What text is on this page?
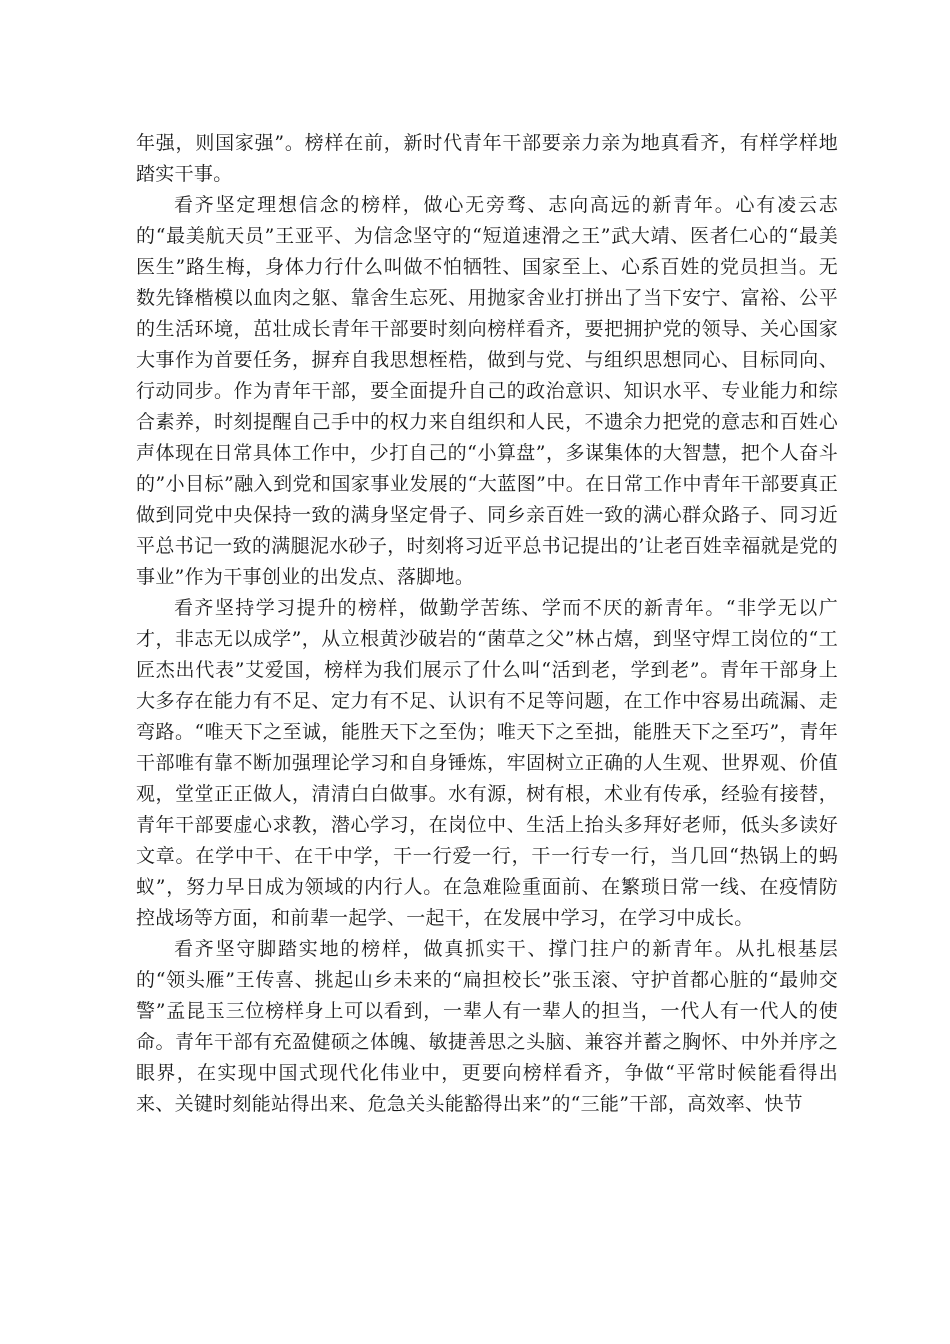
年强，则国家强”。榜样在前，新时代青年干部要亲力亲为地真看齐，有样学样地踏实干事。

看齐坚定理想信念的榜样，做心无旁骛、志向高远的新青年。心有凌云志的“最美航天员”王亚平、为信念坚守的“短道速滑之王”武大靖、医者仁心的“最美医生”路生梅，身体力行什么叫做不怕牺牲、国家至上、心系百姓的党员担当。无数先锋楷模以血肉之躯、靠舍生忘死、用抛家舍业打拼出了当下安宁、富裕、公平的生活环境，茁壮成长青年干部要时刻向榜样看齐，要把拥护党的领导、关心国家大事作为首要任务，摒弃自我思想桎梏，做到与党、与组织思想同心、目标同向、行动同步。作为青年干部，要全面提升自己的政治意识、知识水平、专业能力和综合素养，时刻提醒自己手中的权力来自组织和人民，不遗余力把党的意志和百姓心声体现在日常具体工作中，少打自己的“小算盘”，多谋集体的大智慧，把个人奋斗的”小目标”融入到党和国家事业发展的“大蓝图”中。在日常工作中青年干部要真正做到同党中央保持一致的满身坚定骨子、同乡亲百姓一致的满心群众路子、同习近平总书记一致的满腿泥水砂子，时刻将习近平总书记提出的’让老百姓幸福就是党的事业”作为干事创业的出发点、落脚地。

看齐坚持学习提升的榜样，做勤学苦练、学而不厌的新青年。“非学无以广才，非志无以成学”，从立根黄沙破岩的“菌草之父”林占熺，到坚守焊工岗位的“工匠杰出代表”艾爱国，榜样为我们展示了什么叫“活到老，学到老”。青年干部身上大多存在能力有不足、定力有不足、认识有不足等问题，在工作中容易出疏漏、走弯路。“唯天下之至诚，能胜天下之至伪；唯天下之至拙，能胜天下之至巧”，青年干部唯有靠不断加强理论学习和自身锤炼，牢固树立正确的人生观、世界观、价值观，堂堂正正做人，清清白白做事。水有源，树有根，术业有传承，经验有接替，青年干部要虚心求教，潜心学习，在岗位中、生活上抬头多拜好老师，低头多读好文章。在学中干、在干中学，干一行爱一行，干一行专一行，当几回“热锅上的蚂蚁”，努力早日成为领域的内行人。在急难险重面前、在繁琐日常一线、在疫情防控战场等方面，和前辈一起学、一起干，在发展中学习，在学习中成长。

看齐坚守脚踏实地的榜样，做真抓实干、撑门拄户的新青年。从扎根基层的“领头雁”王传喜、挑起山乡未来的“扁担校长”张玉滚、守护首都心脏的“最帅交警”孟昆玉三位榜样身上可以看到，一辈人有一辈人的担当，一代人有一代人的使命。青年干部有充盈健硕之体魄、敏捷善思之头脑、兼容并蓄之胸怀、中外并序之眼界，在实现中国式现代化伟业中，更要向榜样看齐，争做“平常时候能看得出来、关键时刻能站得出来、危急关头能豁得出来”的“三能”干部，高效率、快节
